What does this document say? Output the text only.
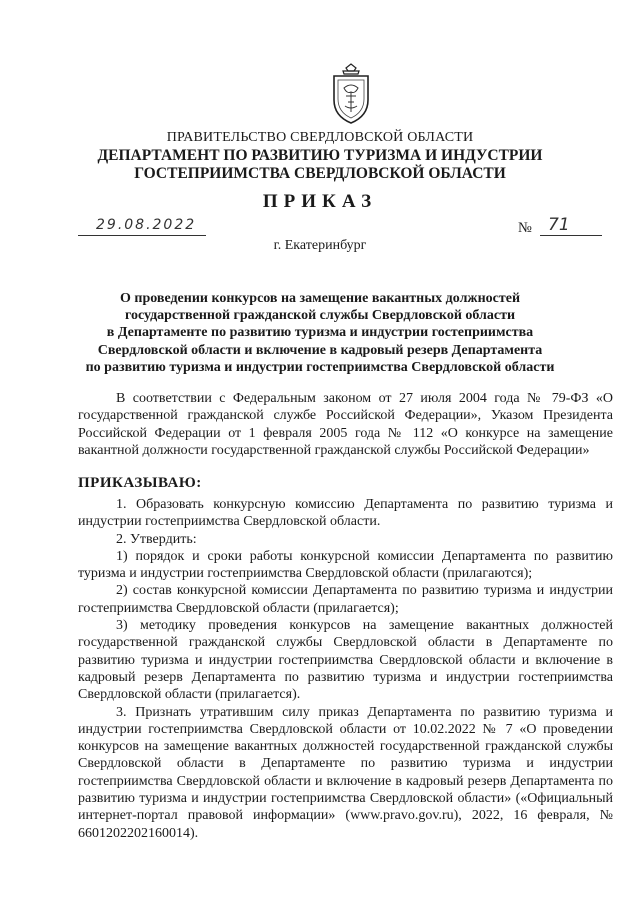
ПРАВИТЕЛЬСТВО СВЕРДЛОВСКОЙ ОБЛАСТИ
ДЕПАРТАМЕНТ ПО РАЗВИТИЮ ТУРИЗМА И ИНДУСТРИИ
ГОСТЕПРИИМСТВА СВЕРДЛОВСКОЙ ОБЛАСТИ
ПРИКАЗ
29.08.2022	№ 71
г. Екатеринбург
О проведении конкурсов на замещение вакантных должностей
государственной гражданской службы Свердловской области
в Департаменте по развитию туризма и индустрии гостеприимства
Свердловской области и включение в кадровый резерв Департамента
по развитию туризма и индустрии гостеприимства Свердловской области

В соответствии с Федеральным законом от 27 июля 2004 года № 79-ФЗ «О государственной гражданской службе Российской Федерации», Указом Президента Российской Федерации от 1 февраля 2005 года № 112 «О конкурсе на замещение вакантной должности государственной гражданской службы Российской Федерации»

ПРИКАЗЫВАЮ:

1. Образовать конкурсную комиссию Департамента по развитию туризма и индустрии гостеприимства Свердловской области.

2. Утвердить:

1) порядок и сроки работы конкурсной комиссии Департамента по развитию туризма и индустрии гостеприимства Свердловской области (прилагаются);

2) состав конкурсной комиссии Департамента по развитию туризма и индустрии гостеприимства Свердловской области (прилагается);

3) методику проведения конкурсов на замещение вакантных должностей государственной гражданской службы Свердловской области в Департаменте по развитию туризма и индустрии гостеприимства Свердловской области и включение в кадровый резерв Департамента по развитию туризма и индустрии гостеприимства Свердловской области (прилагается).

3. Признать утратившим силу приказ Департамента по развитию туризма и индустрии гостеприимства Свердловской области от 10.02.2022 № 7 «О проведении конкурсов на замещение вакантных должностей государственной гражданской службы Свердловской области в Департаменте по развитию туризма и индустрии гостеприимства Свердловской области и включение в кадровый резерв Департамента по развитию туризма и индустрии гостеприимства Свердловской области» («Официальный интернет-портал правовой информации» (www.pravo.gov.ru), 2022, 16 февраля, № 6601202202160014).
